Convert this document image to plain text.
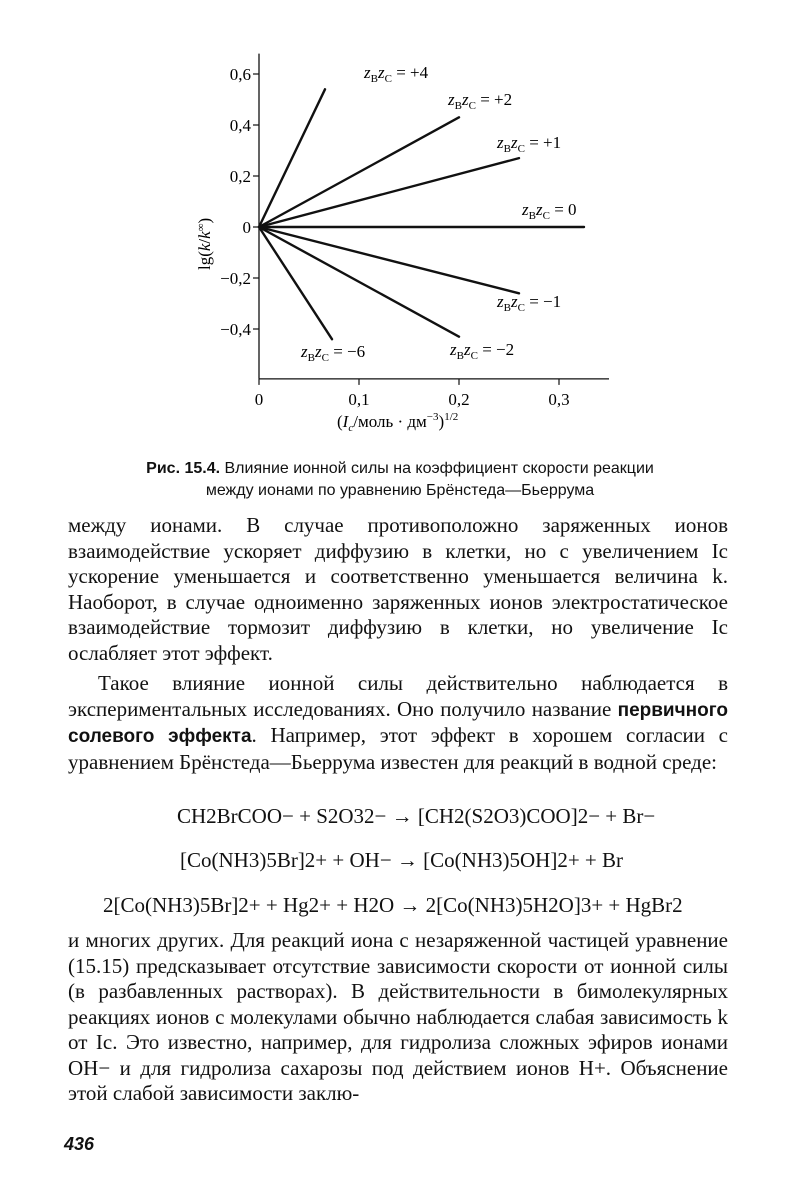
0	0,1	0,2	0,3
0,6
0,4
0,2
0
−0,2
−0,4
$z_Bz_C = +4$
$z_Bz_C = +2$
$z_Bz_C = +1$
$z_Bz_C = 0$
$z_Bz_C = -1$
$z_Bz_C = -2$
$z_Bz_C = -6$
lg(k/k∞)
($I_c$/моль · $дм^{-3})^{1/2}$
Рис. 15.4. Влияние ионной силы на коэффициент скорости реакции
между ионами по уравнению Брёнстеда—Бьеррума

между ионами. В случае противоположно заряженных ионов взаимодействие ускоряет диффузию в клетки, но с увеличением Ic ускорение уменьшается и соответственно уменьшается величина k. Наоборот, в случае одноименно заряженных ионов электростатическое взаимодействие тормозит диффузию в клетки, но увеличение Ic ослабляет этот эффект.

Такое влияние ионной силы действительно наблюдается в экспериментальных исследованиях. Оно получило название первичного солевого эффекта. Например, этот эффект в хорошем согласии с уравнением Брёнстеда—Бьеррума известен для реакций в водной среде:

CH2BrCOO− + S2O32− → [CH2(S2O3)COO]2− + Br−
[Co(NH3)5Br]2+ + OH− → [Co(NH3)5OH]2+ + Br
2[Co(NH3)5Br]2+ + Hg2+ + H2O → 2[Co(NH3)5H2O]3+ + HgBr2

и многих других. Для реакций иона с незаряженной частицей уравнение (15.15) предсказывает отсутствие зависимости скорости от ионной силы (в разбавленных растворах). В действительности в бимолекулярных реакциях ионов с молекулами обычно наблюдается слабая зависимость k от Ic. Это известно, например, для гидролиза сложных эфиров ионами OH− и для гидролиза сахарозы под действием ионов H+. Объяснение этой слабой зависимости заклю-

436
